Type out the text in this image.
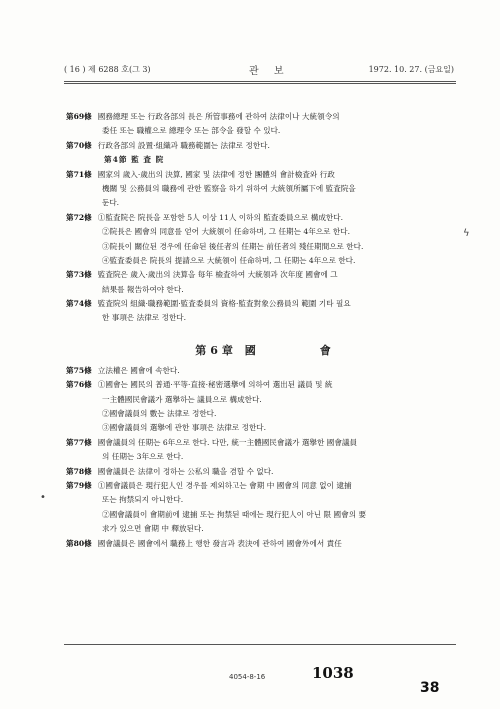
( 16 ) 제 6288 호(그 3)	관 보	1972. 10. 27. (금요일)
第69條 國務總理 또는 行政各部의 長은 所管事務에 관하여 法律이나 大統領令의
委任 또는 職權으로 總理令 또는 部令을 發할 수 있다.
第70條 行政各部의 設置·組織과 職務範圍는 法律로 정한다.
第4節 監 査 院
第71條 國家의 歲入·歲出의 決算, 國家 및 法律에 정한 團體의 會計檢査와 行政
機關 및 公務員의 職務에 관한 監察을 하기 위하여 大統領所屬下에 監査院을
둔다.
第72條 ①監査院은 院長을 포함한 5人 이상 11人 이하의 監査委員으로 構成한다.
②院長은 國會의 同意를 얻어 大統領이 任命하며, 그 任期는 4年으로 한다.
③院長이 關位된 경우에 任命된 後任者의 任期는 前任者의 殘任期間으로 한다.
④監査委員은 院長의 提請으로 大統領이 任命하며, 그 任期는 4年으로 한다.
第73條 監査院은 歲入·歲出의 決算을 每年 檢査하여 大統領과 次年度 國會에 그
結果를 報告하여야 한다.
第74條 監査院의 組織·職務範圍·監査委員의 資格·監査對象公務員의 範圍 기타 필요
한 事項은 法律로 정한다.
第6章 國	會
第75條 立法權은 國會에 속한다.
第76條 ①國會는 國民의 普通·平等·直接·秘密選擧에 의하여 選出된 議員 및 統
一主體國民會議가 選擧하는 議員으로 構成한다.
②國會議員의 數는 法律로 정한다.
③國會議員의 選擧에 관한 事項은 法律로 정한다.
第77條 國會議員의 任期는 6年으로 한다. 다만, 統一主體國民會議가 選擧한 國會議員
의 任期는 3年으로 한다.
第78條 國會議員은 法律이 정하는 公私의 職을 겸할 수 없다.
第79條 ①國會議員은 現行犯人인 경우를 제외하고는 會期 中 國會의 同意 없이 逮捕
또는 拘禁되지 아니한다.
②國會議員이 會期前에 逮捕 또는 拘禁된 때에는 現行犯人이 아닌 限 國會의 要
求가 있으면 會期 中 釋放된다.
第80條 國會議員은 國會에서 職務上 행한 發言과 表決에 관하여 國會外에서 責任
ϟ
•
4054-8-16	1038
38
